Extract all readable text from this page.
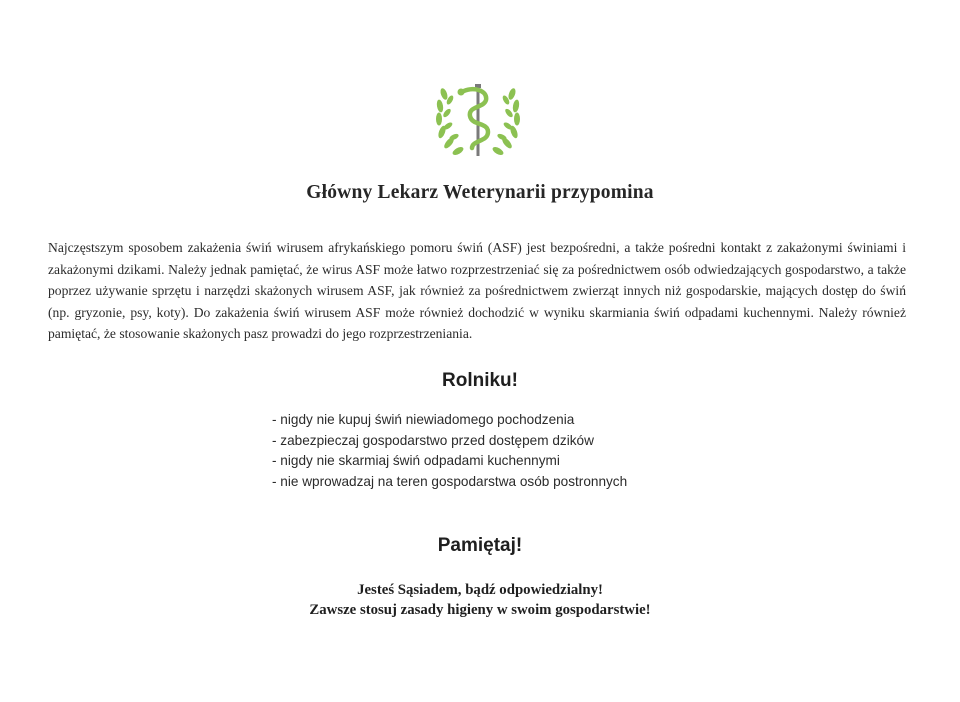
Główny Lekarz Weterynarii przypomina
Najczęstszym sposobem zakażenia świń wirusem afrykańskiego pomoru świń (ASF) jest bezpośredni, a także pośredni kontakt z zakażonymi świniami i zakażonymi dzikami. Należy jednak pamiętać, że wirus ASF może łatwo rozprzestrzeniać się za pośrednictwem osób odwiedzających gospodarstwo, a także poprzez używanie sprzętu i narzędzi skażonych wirusem ASF, jak również za pośrednictwem zwierząt innych niż gospodarskie, mających dostęp do świń (np. gryzonie, psy, koty). Do zakażenia świń wirusem ASF może również dochodzić w wyniku skarmiania świń odpadami kuchennymi. Należy również pamiętać, że stosowanie skażonych pasz prowadzi do jego rozprzestrzeniania.
Rolniku!
- nigdy nie kupuj świń niewiadomego pochodzenia
- zabezpieczaj gospodarstwo przed dostępem dzików
- nigdy nie skarmiaj świń odpadami kuchennymi
- nie wprowadzaj na teren gospodarstwa osób postronnych
Pamiętaj!
Jesteś Sąsiadem, bądź odpowiedzialny!
Zawsze stosuj zasady higieny w swoim gospodarstwie!
